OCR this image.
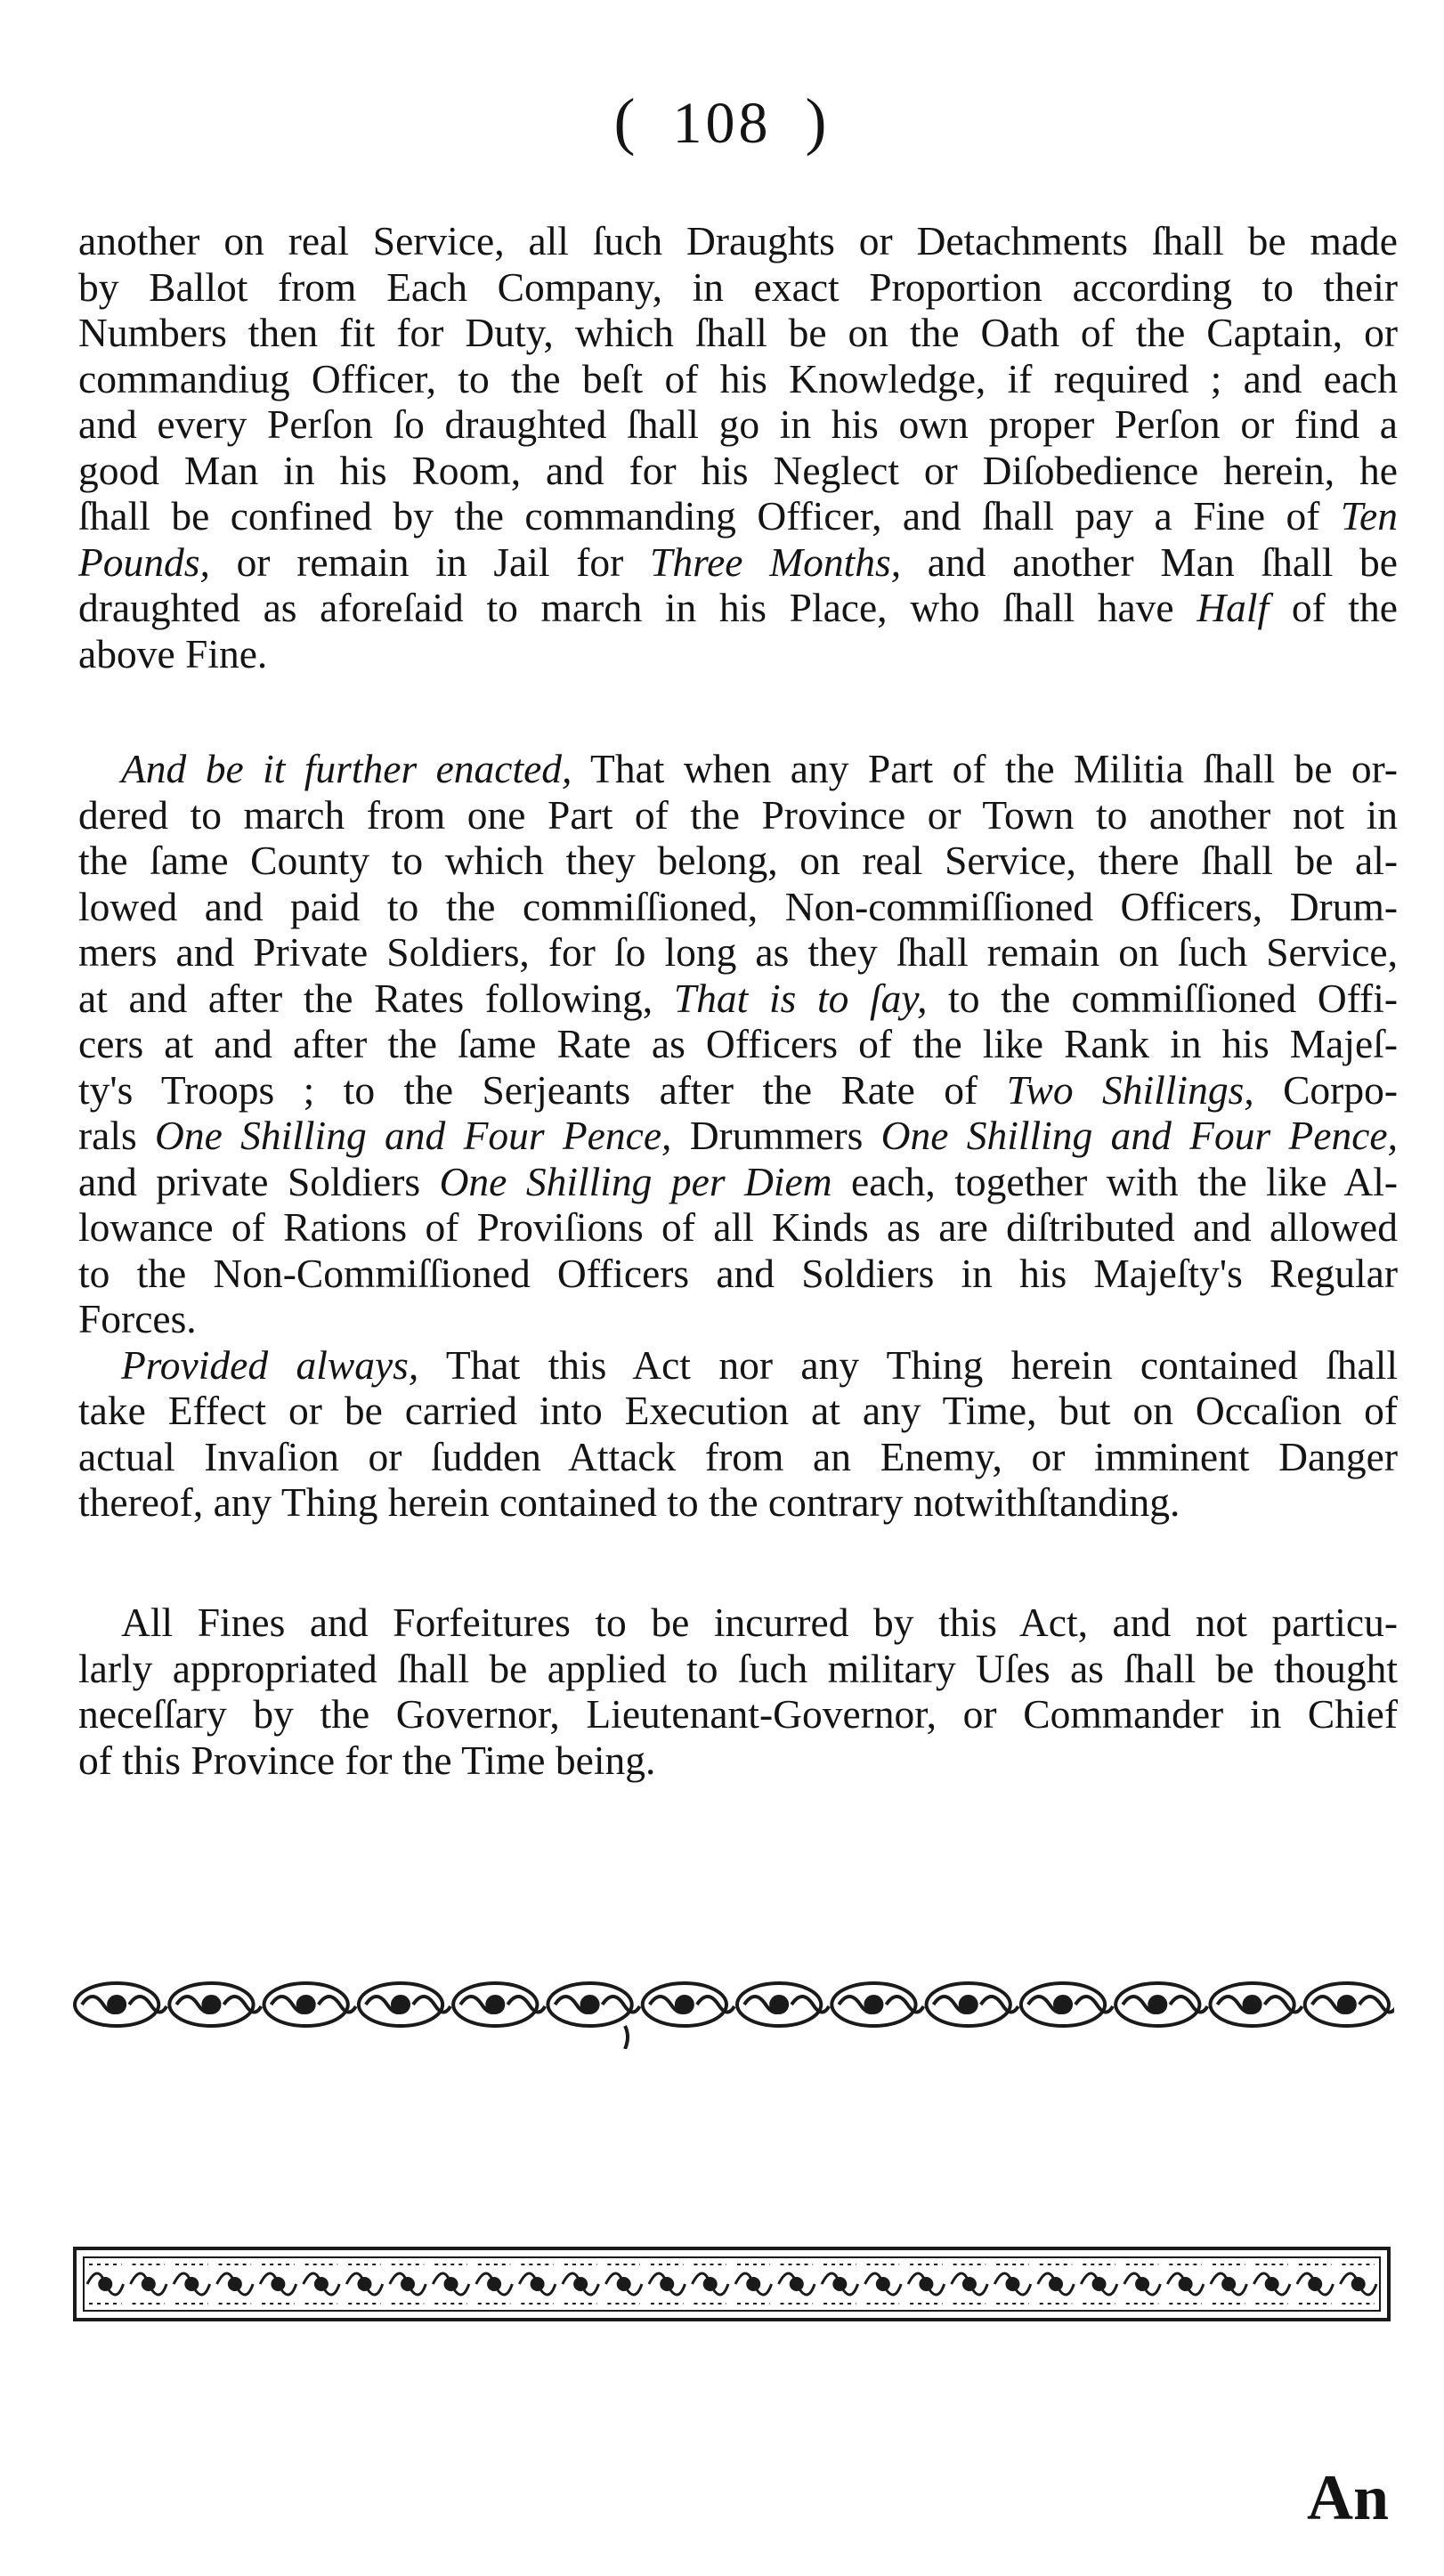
( 108 )

another on real Service, all ſuch Draughts or Detachments ſhall be made
by Ballot from Each Company, in exact Proportion according to their
Numbers then fit for Duty, which ſhall be on the Oath of the Captain, or
commandiug Officer, to the beſt of his Knowledge, if required ; and each
and every Perſon ſo draughted ſhall go in his own proper Perſon or find a
good Man in his Room, and for his Neglect or Diſobedience herein, he
ſhall be confined by the commanding Officer, and ſhall pay a Fine of Ten
Pounds, or remain in Jail for Three Months, and another Man ſhall be
draughted as aforeſaid to march in his Place, who ſhall have Half of the
above Fine.

And be it further enacted, That when any Part of the Militia ſhall be or-
dered to march from one Part of the Province or Town to another not in
the ſame County to which they belong, on real Service, there ſhall be al-
lowed and paid to the commiſſioned, Non-commiſſioned Officers, Drum-
mers and Private Soldiers, for ſo long as they ſhall remain on ſuch Service,
at and after the Rates following, That is to ſay, to the commiſſioned Offi-
cers at and after the ſame Rate as Officers of the like Rank in his Majeſ-
ty's Troops ; to the Serjeants after the Rate of Two Shillings, Corpo-
rals One Shilling and Four Pence, Drummers One Shilling and Four Pence,
and private Soldiers One Shilling per Diem each, together with the like Al-
lowance of Rations of Proviſions of all Kinds as are diſtributed and allowed
to the Non-Commiſſioned Officers and Soldiers in his Majeſty's Regular
Forces.

Provided always, That this Act nor any Thing herein contained ſhall
take Effect or be carried into Execution at any Time, but on Occaſion of
actual Invaſion or ſudden Attack from an Enemy, or imminent Danger
thereof, any Thing herein contained to the contrary notwithſtanding.

All Fines and Forfeitures to be incurred by this Act, and not particu-
larly appropriated ſhall be applied to ſuch military Uſes as ſhall be thought
neceſſary by the Governor, Lieutenant-Governor, or Commander in Chief
of this Province for the Time being.

An
